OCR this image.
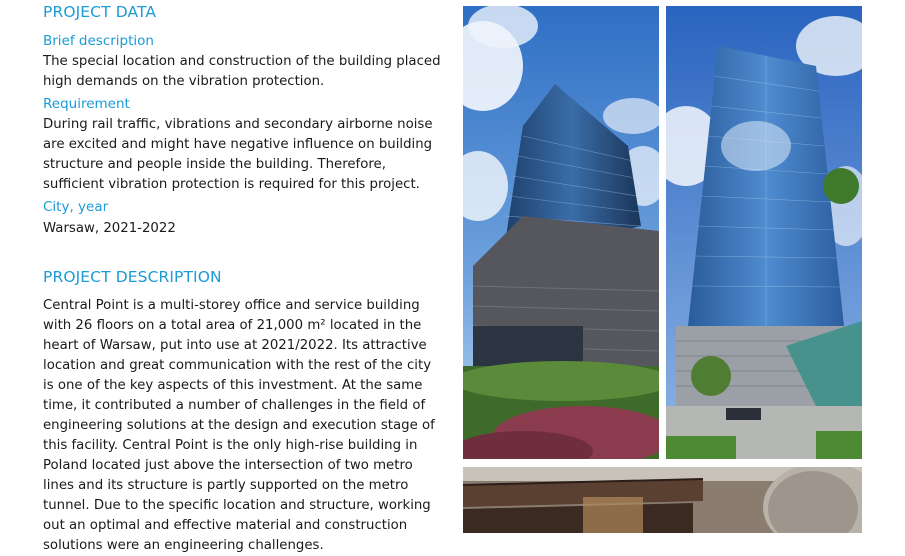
PROJECT DATA

Brief description

The special location and construction of the building placed high demands on the vibration protection.

Requirement

During rail traffic, vibrations and secondary airborne noise are excited and might have negative influence on building structure and people inside the building. Therefore, sufficient vibration protection is required for this project.

City, year

Warsaw, 2021-2022

PROJECT DESCRIPTION

Central Point is a multi-storey office and service building with 26 floors on a total area of 21,000 m² located in the heart of Warsaw, put into use at 2021/2022. Its attractive location and great communication with the rest of the city is one of the key aspects of this investment. At the same time, it contributed a number of challenges in the field of engineering solutions at the design and execution stage of this facility. Central Point is the only high-rise building in Poland located just above the intersection of two metro lines and its structure is partly supported on the metro tunnel. Due to the specific location and structure, working out an optimal and effective material and construction solutions were an engineering challenges.
